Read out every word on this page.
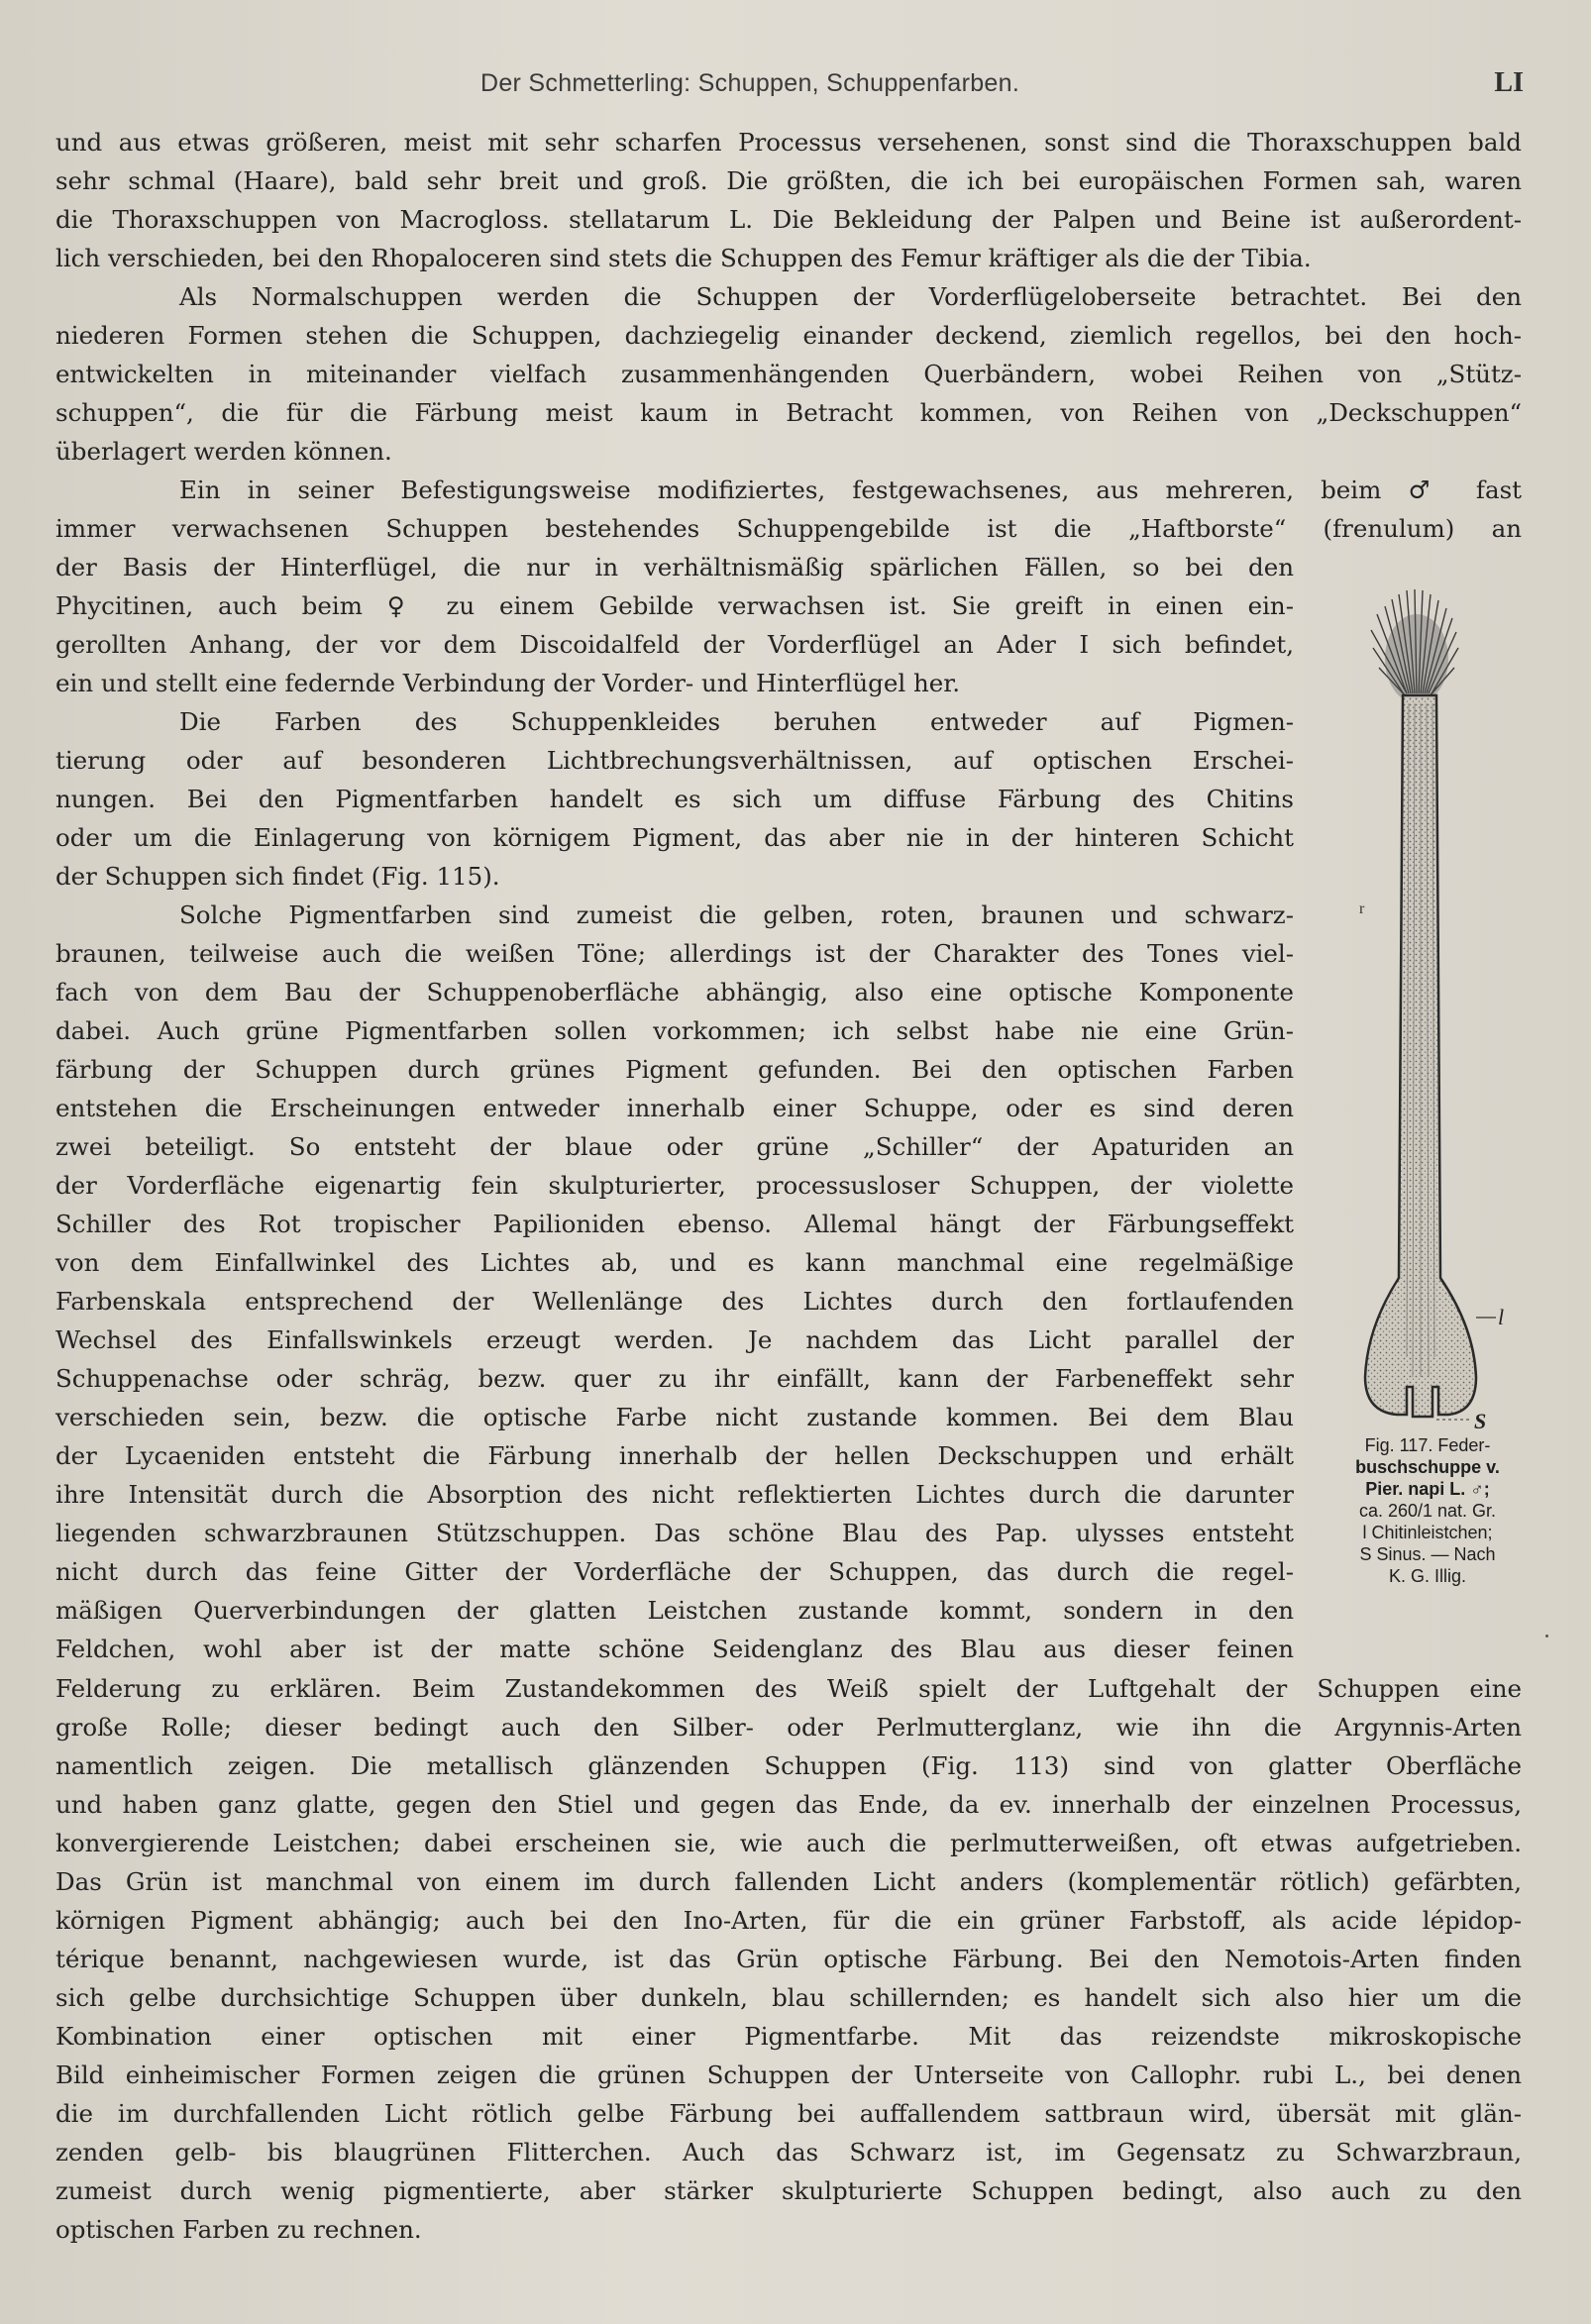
Der Schmetterling: Schuppen, Schuppenfarben.	LI

und aus etwas größeren, meist mit sehr scharfen Processus versehenen, sonst sind die Thoraxschuppen bald

sehr schmal (Haare), bald sehr breit und groß. Die größten, die ich bei europäischen Formen sah, waren

die Thoraxschuppen von Macrogloss. stellatarum L. Die Bekleidung der Palpen und Beine ist außerordent-

lich verschieden, bei den Rhopaloceren sind stets die Schuppen des Femur kräftiger als die der Tibia.

Als Normalschuppen werden die Schuppen der Vorderflügeloberseite betrachtet. Bei den

niederen Formen stehen die Schuppen, dachziegelig einander deckend, ziemlich regellos, bei den hoch-

entwickelten in miteinander vielfach zusammenhängenden Querbändern, wobei Reihen von „Stütz-

schuppen“, die für die Färbung meist kaum in Betracht kommen, von Reihen von „Deckschuppen“

überlagert werden können.

Ein in seiner Befestigungsweise modifiziertes, festgewachsenes, aus mehreren, beim ♂ fast

immer verwachsenen Schuppen bestehendes Schuppengebilde ist die „Haftborste“ (frenulum) an

der Basis der Hinterflügel, die nur in verhältnismäßig spärlichen Fällen, so bei den

Phycitinen, auch beim ♀ zu einem Gebilde verwachsen ist. Sie greift in einen ein-

gerollten Anhang, der vor dem Discoidalfeld der Vorderflügel an Ader I sich befindet,

ein und stellt eine federnde Verbindung der Vorder- und Hinterflügel her.

Die Farben des Schuppenkleides beruhen entweder auf Pigmen-

tierung oder auf besonderen Lichtbrechungsverhältnissen, auf optischen Erschei-

nungen. Bei den Pigmentfarben handelt es sich um diffuse Färbung des Chitins

oder um die Einlagerung von körnigem Pigment, das aber nie in der hinteren Schicht

der Schuppen sich findet (Fig. 115).

Solche Pigmentfarben sind zumeist die gelben, roten, braunen und schwarz-

braunen, teilweise auch die weißen Töne; allerdings ist der Charakter des Tones viel-

fach von dem Bau der Schuppenoberfläche abhängig, also eine optische Komponente

dabei. Auch grüne Pigmentfarben sollen vorkommen; ich selbst habe nie eine Grün-

färbung der Schuppen durch grünes Pigment gefunden. Bei den optischen Farben

entstehen die Erscheinungen entweder innerhalb einer Schuppe, oder es sind deren

zwei beteiligt. So entsteht der blaue oder grüne „Schiller“ der Apaturiden an

der Vorderfläche eigenartig fein skulpturierter, processusloser Schuppen, der violette

Schiller des Rot tropischer Papilioniden ebenso. Allemal hängt der Färbungseffekt

von dem Einfallwinkel des Lichtes ab, und es kann manchmal eine regelmäßige

Farbenskala entsprechend der Wellenlänge des Lichtes durch den fortlaufenden

Wechsel des Einfallswinkels erzeugt werden. Je nachdem das Licht parallel der

Schuppenachse oder schräg, bezw. quer zu ihr einfällt, kann der Farbeneffekt sehr

verschieden sein, bezw. die optische Farbe nicht zustande kommen. Bei dem Blau

der Lycaeniden entsteht die Färbung innerhalb der hellen Deckschuppen und erhält

ihre Intensität durch die Absorption des nicht reflektierten Lichtes durch die darunter

liegenden schwarzbraunen Stützschuppen. Das schöne Blau des Pap. ulysses entsteht

nicht durch das feine Gitter der Vorderfläche der Schuppen, das durch die regel-

mäßigen Querverbindungen der glatten Leistchen zustande kommt, sondern in den

Feldchen, wohl aber ist der matte schöne Seidenglanz des Blau aus dieser feinen

Felderung zu erklären. Beim Zustandekommen des Weiß spielt der Luftgehalt der Schuppen eine

große Rolle; dieser bedingt auch den Silber- oder Perlmutterglanz, wie ihn die Argynnis-Arten

namentlich zeigen. Die metallisch glänzenden Schuppen (Fig. 113) sind von glatter Oberfläche

und haben ganz glatte, gegen den Stiel und gegen das Ende, da ev. innerhalb der einzelnen Processus,

konvergierende Leistchen; dabei erscheinen sie, wie auch die perlmutterweißen, oft etwas aufgetrieben.

Das Grün ist manchmal von einem im durch fallenden Licht anders (komplementär rötlich) gefärbten,

körnigen Pigment abhängig; auch bei den Ino-Arten, für die ein grüner Farbstoff, als acide lépidop-

térique benannt, nachgewiesen wurde, ist das Grün optische Färbung. Bei den Nemotois-Arten finden

sich gelbe durchsichtige Schuppen über dunkeln, blau schillernden; es handelt sich also hier um die

Kombination einer optischen mit einer Pigmentfarbe. Mit das reizendste mikroskopische

Bild einheimischer Formen zeigen die grünen Schuppen der Unterseite von Callophr. rubi L., bei denen

die im durchfallenden Licht rötlich gelbe Färbung bei auffallendem sattbraun wird, übersät mit glän-

zenden gelb- bis blaugrünen Flitterchen. Auch das Schwarz ist, im Gegensatz zu Schwarzbraun,

zumeist durch wenig pigmentierte, aber stärker skulpturierte Schuppen bedingt, also auch zu den

optischen Farben zu rechnen.

r
l
S
Fig. 117. Feder-
buschschuppe v.
Pier. napi L. ♂;
ca. 260/1 nat. Gr.
l Chitinleistchen;
S Sinus. — Nach
K. G. Illig.
